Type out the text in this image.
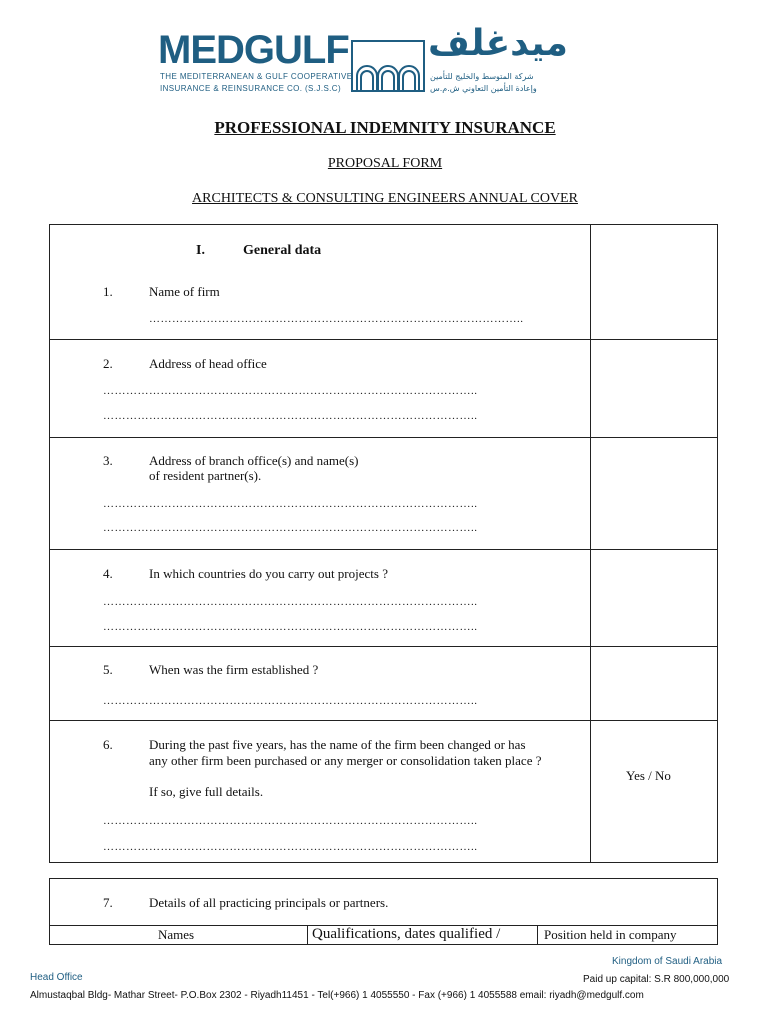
MEDGULF
THE MEDITERRANEAN & GULF COOPERATIVE
INSURANCE & REINSURANCE CO. (S.J.S.C)
ميدغلف
شركة المتوسط والخليج للتأمين
وإعادة التأمين التعاوني ش.م.س
PROFESSIONAL INDEMNITY INSURANCE
PROPOSAL FORM
ARCHITECTS & CONSULTING ENGINEERS ANNUAL COVER
I.	General data
1.	Name of firm
……………………………………………………………………………………..
2.	Address of head office
……………………………………………………………………………………..
……………………………………………………………………………………..
3.	Address of branch office(s) and name(s)
of resident partner(s).
……………………………………………………………………………………..
……………………………………………………………………………………..
4.	In which countries do you carry out projects ?
……………………………………………………………………………………..
……………………………………………………………………………………..
5.	When was the firm established ?
……………………………………………………………………………………..
6.	During the past five years, has the name of the firm been changed or has
any other firm been purchased or any merger or consolidation taken place ?
If so, give full details.
Yes / No
……………………………………………………………………………………..
……………………………………………………………………………………..
7.	Details of all practicing principals or partners.
Names	Qualifications, dates qualified /	Position held in company
Kingdom of Saudi Arabia
Head Office	Paid up capital: S.R 800,000,000
Almustaqbal Bldg- Mathar Street- P.O.Box 2302 - Riyadh11451 - Tel(+966) 1 4055550 - Fax (+966) 1 4055588 email: riyadh@medgulf.com
